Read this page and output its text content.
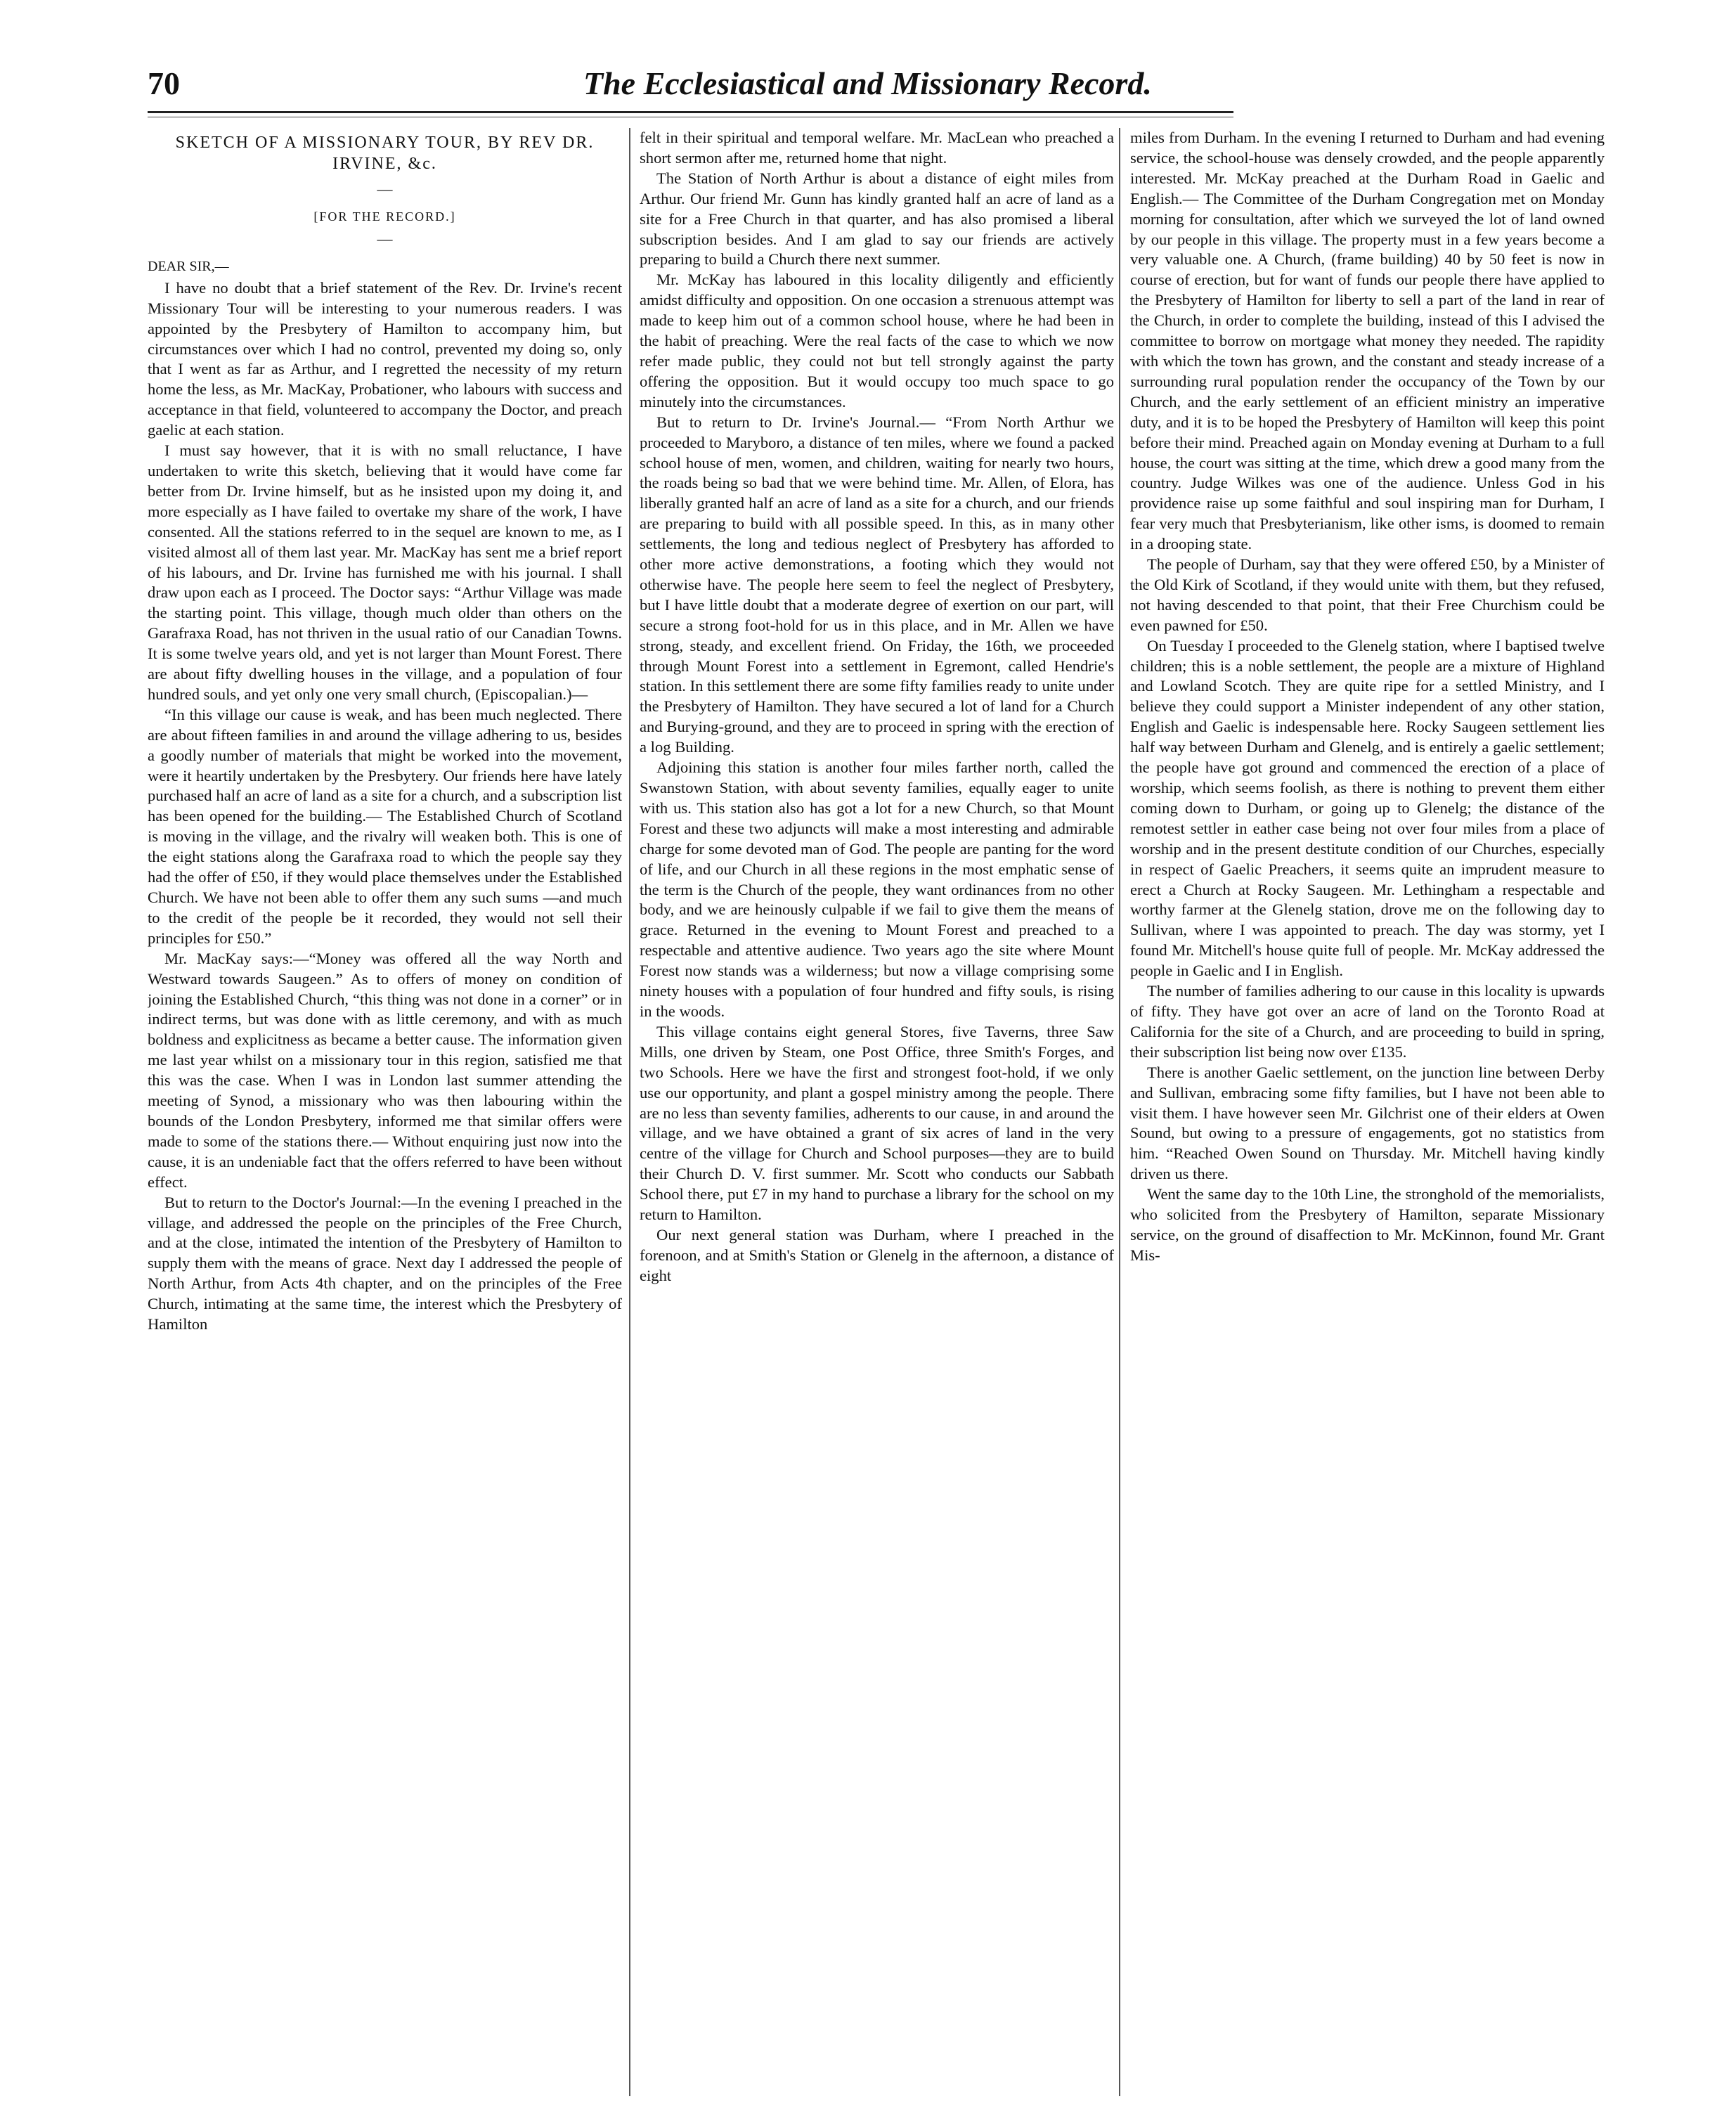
70	The Ecclesiastical and Missionary Record.
SKETCH OF A MISSIONARY TOUR, BY REV DR. IRVINE, &c.
—
[FOR THE RECORD.]
—
DEAR SIR,—

I have no doubt that a brief statement of the Rev. Dr. Irvine's recent Missionary Tour will be interesting to your numerous readers. I was appointed by the Presbytery of Hamilton to accompany him, but circumstances over which I had no control, prevented my doing so, only that I went as far as Arthur, and I regretted the necessity of my return home the less, as Mr. MacKay, Probationer, who labours with success and acceptance in that field, volunteered to accompany the Doctor, and preach gaelic at each station.

I must say however, that it is with no small reluctance, I have undertaken to write this sketch, believing that it would have come far better from Dr. Irvine himself, but as he insisted upon my doing it, and more especially as I have failed to overtake my share of the work, I have consented. All the stations referred to in the sequel are known to me, as I visited almost all of them last year. Mr. MacKay has sent me a brief report of his labours, and Dr. Irvine has furnished me with his journal. I shall draw upon each as I proceed. The Doctor says: “Arthur Village was made the starting point. This village, though much older than others on the Garafraxa Road, has not thriven in the usual ratio of our Canadian Towns. It is some twelve years old, and yet is not larger than Mount Forest. There are about fifty dwelling houses in the village, and a population of four hundred souls, and yet only one very small church, (Episcopalian.)—

“In this village our cause is weak, and has been much neglected. There are about fifteen families in and around the village adhering to us, besides a goodly number of materials that might be worked into the movement, were it heartily undertaken by the Presbytery. Our friends here have lately purchased half an acre of land as a site for a church, and a subscription list has been opened for the building.— The Established Church of Scotland is moving in the village, and the rivalry will weaken both. This is one of the eight stations along the Garafraxa road to which the people say they had the offer of £50, if they would place themselves under the Established Church. We have not been able to offer them any such sums —and much to the credit of the people be it recorded, they would not sell their principles for £50.”

Mr. MacKay says:—“Money was offered all the way North and Westward towards Saugeen.” As to offers of money on condition of joining the Established Church, “this thing was not done in a corner” or in indirect terms, but was done with as little ceremony, and with as much boldness and explicitness as became a better cause. The information given me last year whilst on a missionary tour in this region, satisfied me that this was the case. When I was in London last summer attending the meeting of Synod, a missionary who was then labouring within the bounds of the London Presbytery, informed me that similar offers were made to some of the stations there.— Without enquiring just now into the cause, it is an undeniable fact that the offers referred to have been without effect.

But to return to the Doctor's Journal:—In the evening I preached in the village, and addressed the people on the principles of the Free Church, and at the close, intimated the intention of the Presbytery of Hamilton to supply them with the means of grace. Next day I addressed the people of North Arthur, from Acts 4th chapter, and on the principles of the Free Church, intimating at the same time, the interest which the Presbytery of Hamilton

felt in their spiritual and temporal welfare. Mr. MacLean who preached a short sermon after me, returned home that night.

The Station of North Arthur is about a distance of eight miles from Arthur. Our friend Mr. Gunn has kindly granted half an acre of land as a site for a Free Church in that quarter, and has also promised a liberal subscription besides. And I am glad to say our friends are actively preparing to build a Church there next summer.

Mr. McKay has laboured in this locality diligently and efficiently amidst difficulty and opposition. On one occasion a strenuous attempt was made to keep him out of a common school house, where he had been in the habit of preaching. Were the real facts of the case to which we now refer made public, they could not but tell strongly against the party offering the opposition. But it would occupy too much space to go minutely into the circumstances.

But to return to Dr. Irvine's Journal.— “From North Arthur we proceeded to Maryboro, a distance of ten miles, where we found a packed school house of men, women, and children, waiting for nearly two hours, the roads being so bad that we were behind time. Mr. Allen, of Elora, has liberally granted half an acre of land as a site for a church, and our friends are preparing to build with all possible speed. In this, as in many other settlements, the long and tedious neglect of Presbytery has afforded to other more active demonstrations, a footing which they would not otherwise have. The people here seem to feel the neglect of Presbytery, but I have little doubt that a moderate degree of exertion on our part, will secure a strong foot-hold for us in this place, and in Mr. Allen we have strong, steady, and excellent friend. On Friday, the 16th, we proceeded through Mount Forest into a settlement in Egremont, called Hendrie's station. In this settlement there are some fifty families ready to unite under the Presbytery of Hamilton. They have secured a lot of land for a Church and Burying-ground, and they are to proceed in spring with the erection of a log Building.

Adjoining this station is another four miles farther north, called the Swanstown Station, with about seventy families, equally eager to unite with us. This station also has got a lot for a new Church, so that Mount Forest and these two adjuncts will make a most interesting and admirable charge for some devoted man of God. The people are panting for the word of life, and our Church in all these regions in the most emphatic sense of the term is the Church of the people, they want ordinances from no other body, and we are heinously culpable if we fail to give them the means of grace. Returned in the evening to Mount Forest and preached to a respectable and attentive audience. Two years ago the site where Mount Forest now stands was a wilderness; but now a village comprising some ninety houses with a population of four hundred and fifty souls, is rising in the woods.

This village contains eight general Stores, five Taverns, three Saw Mills, one driven by Steam, one Post Office, three Smith's Forges, and two Schools. Here we have the first and strongest foot-hold, if we only use our opportunity, and plant a gospel ministry among the people. There are no less than seventy families, adherents to our cause, in and around the village, and we have obtained a grant of six acres of land in the very centre of the village for Church and School purposes—they are to build their Church D. V. first summer. Mr. Scott who conducts our Sabbath School there, put £7 in my hand to purchase a library for the school on my return to Hamilton.

Our next general station was Durham, where I preached in the forenoon, and at Smith's Station or Glenelg in the afternoon, a distance of eight

miles from Durham. In the evening I returned to Durham and had evening service, the school-house was densely crowded, and the people apparently interested. Mr. McKay preached at the Durham Road in Gaelic and English.— The Committee of the Durham Congregation met on Monday morning for consultation, after which we surveyed the lot of land owned by our people in this village. The property must in a few years become a very valuable one. A Church, (frame building) 40 by 50 feet is now in course of erection, but for want of funds our people there have applied to the Presbytery of Hamilton for liberty to sell a part of the land in rear of the Church, in order to complete the building, instead of this I advised the committee to borrow on mortgage what money they needed. The rapidity with which the town has grown, and the constant and steady increase of a surrounding rural population render the occupancy of the Town by our Church, and the early settlement of an efficient ministry an imperative duty, and it is to be hoped the Presbytery of Hamilton will keep this point before their mind. Preached again on Monday evening at Durham to a full house, the court was sitting at the time, which drew a good many from the country. Judge Wilkes was one of the audience. Unless God in his providence raise up some faithful and soul inspiring man for Durham, I fear very much that Presbyterianism, like other isms, is doomed to remain in a drooping state.

The people of Durham, say that they were offered £50, by a Minister of the Old Kirk of Scotland, if they would unite with them, but they refused, not having descended to that point, that their Free Churchism could be even pawned for £50.

On Tuesday I proceeded to the Glenelg station, where I baptised twelve children; this is a noble settlement, the people are a mixture of Highland and Lowland Scotch. They are quite ripe for a settled Ministry, and I believe they could support a Minister independent of any other station, English and Gaelic is indespensable here. Rocky Saugeen settlement lies half way between Durham and Glenelg, and is entirely a gaelic settlement; the people have got ground and commenced the erection of a place of worship, which seems foolish, as there is nothing to prevent them either coming down to Durham, or going up to Glenelg; the distance of the remotest settler in eather case being not over four miles from a place of worship and in the present destitute condition of our Churches, especially in respect of Gaelic Preachers, it seems quite an imprudent measure to erect a Church at Rocky Saugeen. Mr. Lethingham a respectable and worthy farmer at the Glenelg station, drove me on the following day to Sullivan, where I was appointed to preach. The day was stormy, yet I found Mr. Mitchell's house quite full of people. Mr. McKay addressed the people in Gaelic and I in English.

The number of families adhering to our cause in this locality is upwards of fifty. They have got over an acre of land on the Toronto Road at California for the site of a Church, and are proceeding to build in spring, their subscription list being now over £135.

There is another Gaelic settlement, on the junction line between Derby and Sullivan, embracing some fifty families, but I have not been able to visit them. I have however seen Mr. Gilchrist one of their elders at Owen Sound, but owing to a pressure of engagements, got no statistics from him. “Reached Owen Sound on Thursday. Mr. Mitchell having kindly driven us there.

Went the same day to the 10th Line, the stronghold of the memorialists, who solicited from the Presbytery of Hamilton, separate Missionary service, on the ground of disaffection to Mr. McKinnon, found Mr. Grant Mis-
